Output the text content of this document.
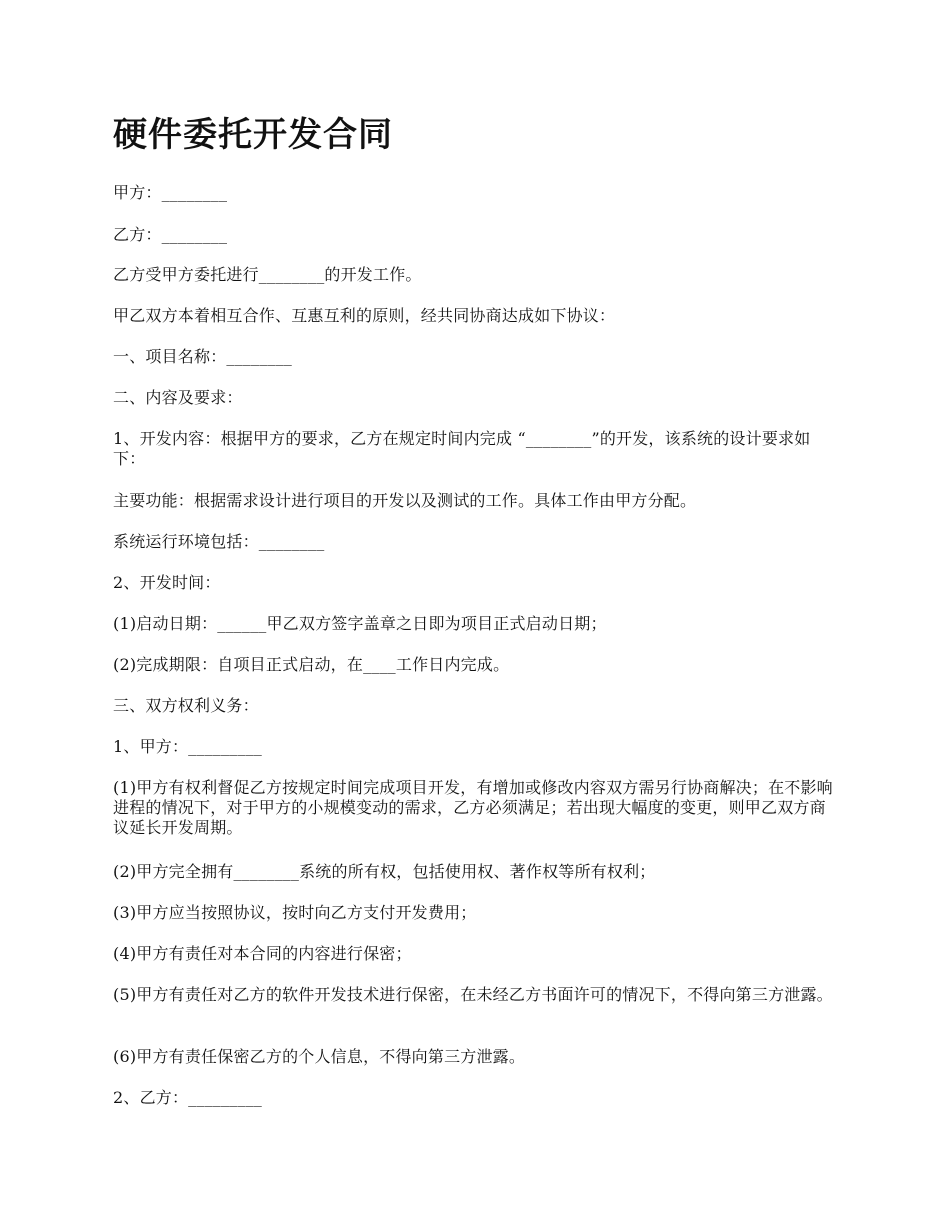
硬件委托开发合同

甲方：________

乙方：________

乙方受甲方委托进行________的开发工作。

甲乙双方本着相互合作、互惠互利的原则，经共同协商达成如下协议：

一、项目名称：________

二、内容及要求：

1、开发内容：根据甲方的要求，乙方在规定时间内完成 “________”的开发，该系统的设计要求如下：

主要功能：根据需求设计进行项目的开发以及测试的工作。具体工作由甲方分配。

系统运行环境包括：________

2、开发时间：

(1)启动日期：______甲乙双方签字盖章之日即为项目正式启动日期；

(2)完成期限：自项目正式启动，在____工作日内完成。

三、双方权利义务：

1、甲方：_________

(1)甲方有权利督促乙方按规定时间完成项目开发，有增加或修改内容双方需另行协商解决；在不影响进程的情况下，对于甲方的小规模变动的需求，乙方必须满足；若出现大幅度的变更，则甲乙双方商议延长开发周期。

(2)甲方完全拥有________系统的所有权，包括使用权、著作权等所有权利；

(3)甲方应当按照协议，按时向乙方支付开发费用；

(4)甲方有责任对本合同的内容进行保密；

(5)甲方有责任对乙方的软件开发技术进行保密，在未经乙方书面许可的情况下，不得向第三方泄露。

(6)甲方有责任保密乙方的个人信息，不得向第三方泄露。

2、乙方：_________
